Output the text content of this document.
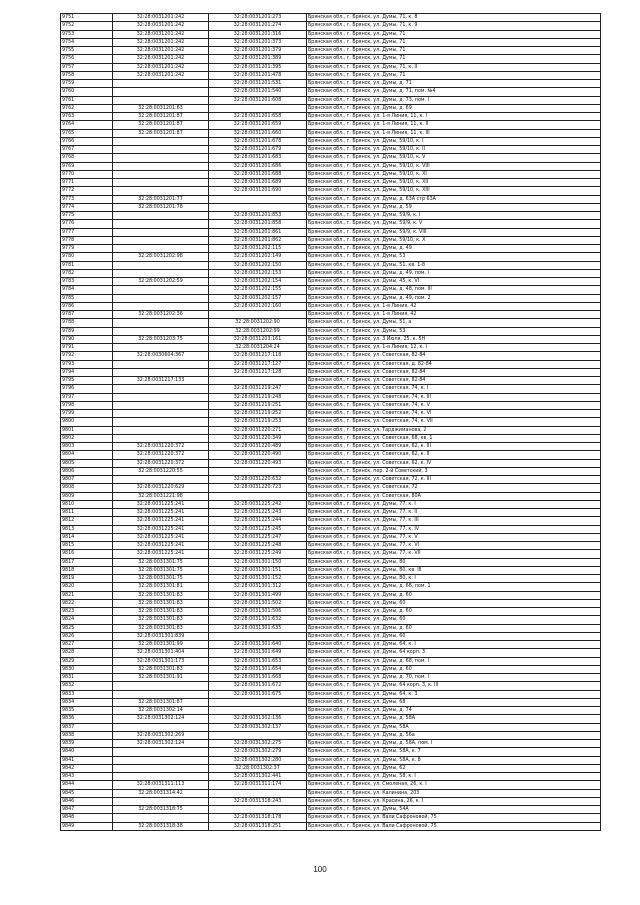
9751	32:28:0031201:242	32:28:0031201:273	Брянская обл., г. Брянск, ул. Думы, 71, к. 8
9752	32:28:0031201:242	32:28:0031201:274	Брянская обл., г. Брянск, ул. Думы, 71, к. 9
9753	32:28:0031201:242	32:28:0031201:316	Брянская обл., г. Брянск, ул. Думы, 71
9754	32:28:0031201:242	32:28:0031201:373	Брянская обл., г. Брянск, ул. Думы, 71
9755	32:28:0031201:242	32:28:0031201:379	Брянская обл., г. Брянск, ул. Думы, 71
9756	32:28:0031201:242	32:28:0031201:389	Брянская обл., г. Брянск, ул. Думы, 71
9757	32:28:0031201:242	32:28:0031201:395	Брянская обл., г. Брянск, ул. Думы, 71, к. II
9758	32:28:0031201:242	32:28:0031201:478	Брянская обл., г. Брянск, ул. Думы, 71
9759		32:28:0031201:531	Брянская обл., г. Брянск, ул. Думы, д. 71
9760		32:28:0031201:540	Брянская обл., г. Брянск, ул. Думы, д. 71, пом. №4
9761		32:28:0031201:608	Брянская обл., г. Брянск, ул. Думы, д. 73, пом. I
9762	32:28:0031201:63		Брянская обл., г. Брянск, ул. Думы, д. 69
9763	32:28:0031201:87	32:28:0031201:658	Брянская обл., г. Брянск, ул. 1-я Линия, 11, к. I
9764	32:28:0031201:87	32:28:0031201:659	Брянская обл., г. Брянск, ул. 1-я Линия, 11, к. II
9765	32:28:0031201:87	32:28:0031201:660	Брянская обл., г. Брянск, ул. 1-я Линия, 11, к. III
9766		32:28:0031201:678	Брянская обл., г. Брянск, ул. Думы, 59/10, к. I
9767		32:28:0031201:679	Брянская обл., г. Брянск, ул. Думы, 59/10, к. II
9768		32:28:0031201:683	Брянская обл., г. Брянск, ул. Думы, 59/10, к. V
9769		32:28:0031201:686	Брянская обл., г. Брянск, ул. Думы, 59/10, к. VIII
9770		32:28:0031201:688	Брянская обл., г. Брянск, ул. Думы, 59/10, к. XI
9771		32:28:0031201:689	Брянская обл., г. Брянск, ул. Думы, 59/10, к. XII
9772		32:28:0031201:690	Брянская обл., г. Брянск, ул. Думы, 59/10, к. XIII
9773	32:28:0031201:77		Брянская обл., г. Брянск, ул. Думы, д. 63А стр 63А
9774	32:28:0031201:78		Брянская обл., г. Брянск, ул. Думы, д. 59
9775		32:28:0031201:853	Брянская обл., г. Брянск, ул. Думы, 59/9, к. I
9776		32:28:0031201:858	Брянская обл., г. Брянск, ул. Думы, 59/9, к. V
9777		32:28:0031201:861	Брянская обл., г. Брянск, ул. Думы, 59/9, к. VIII
9778		32:28:0031201:862	Брянская обл., г. Брянск, ул. Думы, 59/10, к. X
9779		32:28:0031202:115	Брянская обл., г. Брянск, ул. Думы, д. 49
9780	32:28:0031202:98	32:28:0031202:149	Брянская обл., г. Брянск, ул. Думы, 53
9781		32:28:0031202:150	Брянская обл., г. Брянск, ул. Думы, 51, кв. 1-8
9782		32:28:0031202:153	Брянская обл., г. Брянск, ул. Думы, д. 49, пом. I
9783	32:28:0031202:59	32:28:0031202:154	Брянская обл., г. Брянск, ул. Думы, 45, к. VI
9784		32:28:0031202:155	Брянская обл., г. Брянск, ул. Думы, д. 48, пом. III
9785		32:28:0031202:157	Брянская обл., г. Брянск, ул. Думы, д. 49, пом. 2
9786		32:28:0031202:160	Брянская обл., г. Брянск, ул. 1-я Линия, 42
9787	32:28:0031202:36		Брянская обл., г. Брянск, ул. 1-я Линия, 42
9788		32:28:0031202:90	Брянская обл., г. Брянск, ул. Думы, 51, а
9789		32:28:0031202:99	Брянская обл., г. Брянск, ул. Думы, 53
9790	32:28:0031203:75	32:28:0031203:161	Брянская обл., г. Брянск, ул. 3 Июля, 25, к. 5Н
9791		32:28:0031204:24	Брянская обл., г. Брянск, ул. 1-я Линия, 12, к. I
9792	32:28:0030604:367	32:28:0031217:118	Брянская обл., г. Брянск, ул. Советская, 82-84
9793		32:28:0031217:127	Брянская обл., г. Брянск, ул. Советская, д. 82-84
9794		32:28:0031217:128	Брянская обл., г. Брянск, ул. Советская, 82-84
9795	32:28:0031217:133		Брянская обл., г. Брянск, ул. Советская, 82-84
9796		32:28:0031219:247	Брянская обл., г. Брянск, ул. Советская, 74, к. I
9797		32:28:0031219:248	Брянская обл., г. Брянск, ул. Советская, 74, к. III
9798		32:28:0031219:251	Брянская обл., г. Брянск, ул. Советская, 74, к. V
9799		32:28:0031219:252	Брянская обл., г. Брянск, ул. Советская, 74, к. VI
9800		32:28:0031219:253	Брянская обл., г. Брянск, ул. Советская, 74, к. VII
9801		32:28:0031220:271	Брянская обл., г. Брянск, ул. Тарджиманова, 2
9802		32:28:0031220:349	Брянская обл., г. Брянск, ул. Советская, 68, кв. 1
9803	32:28:0031220:372	32:28:0031220:489	Брянская обл., г. Брянск, ул. Советская, 62, к. III
9804	32:28:0031220:372	32:28:0031220:490	Брянская обл., г. Брянск, ул. Советская, 62, к. II
9805	32:28:0031220:372	32:28:0031220:493	Брянская обл., г. Брянск, ул. Советская, 62, к. IV
9806	32:28:0031220:55		Брянская обл., г. Брянск, пер. 2-й Советский, 3
9807		32:28:0031220:632	Брянская обл., г. Брянск, ул. Советская, 72, к. III
9808	32:28:0031220:629	32:28:0031220:723	Брянская обл., г. Брянск, ул. Советская, 72
9809	32:28:0031221:98		Брянская обл., г. Брянск, ул. Советская, 80А
9810	32:28:0031225:241	32:28:0031225:242	Брянская обл., г. Брянск, ул. Думы, 77, к. I
9811	32:28:0031225:241	32:28:0031225:243	Брянская обл., г. Брянск, ул. Думы, 77, к. II
9812	32:28:0031225:241	32:28:0031225:244	Брянская обл., г. Брянск, ул. Думы, 77, к. III
9813	32:28:0031225:241	32:28:0031225:245	Брянская обл., г. Брянск, ул. Думы, 77, к. IV
9814	32:28:0031225:241	32:28:0031225:247	Брянская обл., г. Брянск, ул. Думы, 77, к. V
9815	32:28:0031225:241	32:28:0031225:248	Брянская обл., г. Брянск, ул. Думы, 77, к. VI
9816	32:28:0031225:241	32:28:0031225:249	Брянская обл., г. Брянск, ул. Думы, 77, к. VII
9817	32:28:0031301:75	32:28:0031301:150	Брянская обл., г. Брянск, ул. Думы, 80
9818	32:28:0031301:75	32:28:0031301:151	Брянская обл., г. Брянск, ул. Думы, 80, кв. III
9819	32:28:0031301:75	32:28:0031301:152	Брянская обл., г. Брянск, ул. Думы, 80, к. I
9820	32:28:0031301:81	32:28:0031301:312	Брянская обл., г. Брянск, ул. Думы, д. 68, пом. 1
9821	32:28:0031301:83	32:28:0031301:499	Брянская обл., г. Брянск, ул. Думы, д. 60
9822	32:28:0031301:83	32:28:0031301:502	Брянская обл., г. Брянск, ул. Думы, 60
9823	32:28:0031301:83	32:28:0031301:506	Брянская обл., г. Брянск, ул. Думы, д. 60
9824	32:28:0031301:83	32:28:0031301:632	Брянская обл., г. Брянск, ул. Думы, 60
9825	32:28:0031301:83	32:28:0031301:635	Брянская обл., г. Брянск, ул. Думы, д. 60
9826	32:28:0031301:839		Брянская обл., г. Брянск, ул. Думы, 60
9827	32:28:0031301:99	32:28:0031301:640	Брянская обл., г. Брянск, ул. Думы, 64, к. I
9828	32:28:0031301:404	32:28:0031301:649	Брянская обл., г. Брянск, ул. Думы, 64 корп. 3
9829	32:28:0031301:173	32:28:0031301:653	Брянская обл., г. Брянск, ул. Думы, д. 68, пом. I
9830	32:28:0031301:83	32:28:0031301:654	Брянская обл., г. Брянск, ул. Думы, д. 60
9831	32:28:0031301:91	32:28:0031301:668	Брянская обл., г. Брянск, ул. Думы, д. 70, пом. I
9832		32:28:0031301:672	Брянская обл., г. Брянск, ул. Думы, 64 корп. 3, к. III
9833		32:28:0031301:675	Брянская обл., г. Брянск, ул. Думы, 64, к. 3
9834	32:28:0031301:87		Брянская обл., г. Брянск, ул. Думы, 68
9835	32:28:0031302:14		Брянская обл., г. Брянск, ул. Думы, д. 74
9836	32:28:0031302:124	32:28:0031302:136	Брянская обл., г. Брянск, ул. Думы, д. 58А
9837		32:28:0031302:137	Брянская обл., г. Брянск, ул. Думы, 58А
9838	32:28:0031302:269		Брянская обл., г. Брянск, ул. Думы, д. 56а
9839	32:28:0031302:124	32:28:0031302:275	Брянская обл., г. Брянск, ул. Думы, д. 58А, пом. I
9840		32:28:0031302:279	Брянская обл., г. Брянск, ул. Думы, 58А, к. 7
9841		32:28:0031302:280	Брянская обл., г. Брянск, ул. Думы, 58А, к. 8
9842		32:28:0031302:37	Брянская обл., г. Брянск, ул. Думы, 62
9843		32:28:0031302:441	Брянская обл., г. Брянск, ул. Думы, 58, к. I
9844	32:28:0031311:113	32:28:0031311:174	Брянская обл., г. Брянск, ул. Смоленая, 26, к. I
9845	32:28:0031314:42		Брянская обл., г. Брянск, ул. Калинина, 203
9846		32:28:0031318:243	Брянская обл., г. Брянск, ул. Красина, 26, к. I
9847	32:28:0031318:75		Брянская обл., г. Брянск, ул. Думы, 54А
9848		32:28:0031318:178	Брянская обл., г. Брянск, ул. Вали Сафроновой, 75
9849	32:28:0031318:38	32:28:0031318:251	Брянская обл., г. Брянск, ул. Вали Сафроновой, 75
100
